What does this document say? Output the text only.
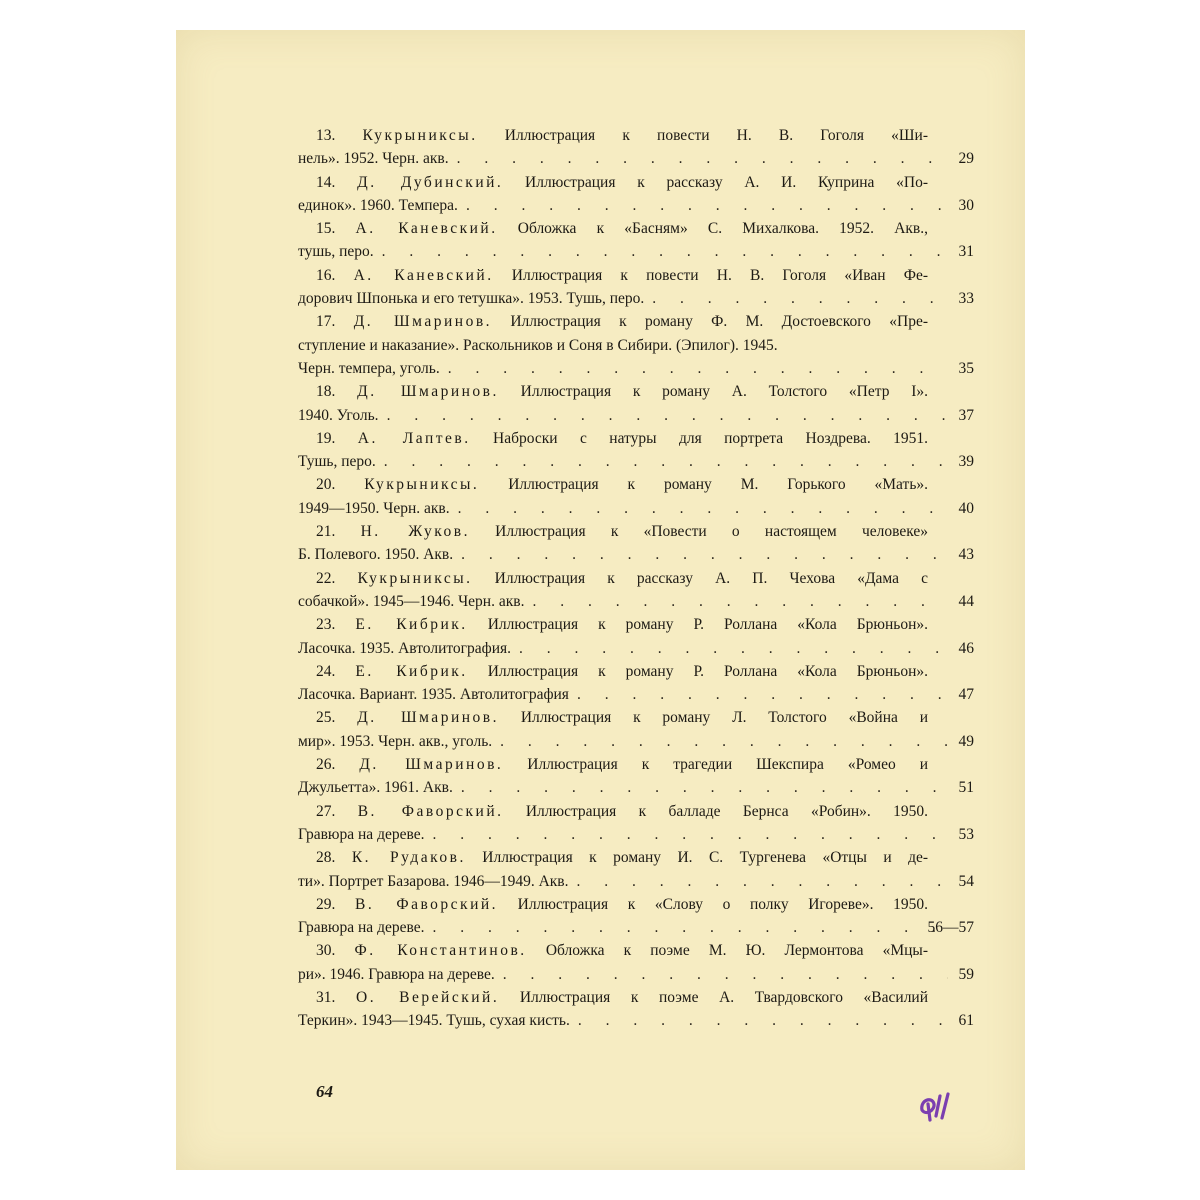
13. Кукрыниксы. Иллюстрация к повести Н. В. Гоголя «Ши-
нель». 1952. Черн. акв. . . .	29
14. Д. Дубинский. Иллюстрация к рассказу А. И. Куприна «По-
единок». 1960. Темпера. . . .	30
15. А. Каневский. Обложка к «Басням» С. Михалкова. 1952. Акв.,
тушь, перо. . . .	31
16. А. Каневский. Иллюстрация к повести Н. В. Гоголя «Иван Фе-
дорович Шпонька и его тетушка». 1953. Тушь, перо. . . .	33
17. Д. Шмаринов. Иллюстрация к роману Ф. М. Достоевского «Пре-
ступление и наказание». Раскольников и Соня в Сибири. (Эпилог). 1945.
Черн. темпера, уголь. . . .	35
18. Д. Шмаринов. Иллюстрация к роману А. Толстого «Петр I».
1940. Уголь. . . .	37
19. А. Лаптев. Наброски с натуры для портрета Ноздрева. 1951.
Тушь, перо. . . .	39
20. Кукрыниксы. Иллюстрация к роману М. Горького «Мать».
1949—1950. Черн. акв. . . .	40
21. Н. Жуков. Иллюстрация к «Повести о настоящем человеке»
Б. Полевого. 1950. Акв. . . .	43
22. Кукрыниксы. Иллюстрация к рассказу А. П. Чехова «Дама с
собачкой». 1945—1946. Черн. акв. . . .	44
23. Е. Кибрик. Иллюстрация к роману Р. Роллана «Кола Брюньон».
Ласочка. 1935. Автолитография. . . .	46
24. Е. Кибрик. Иллюстрация к роману Р. Роллана «Кола Брюньон».
Ласочка. Вариант. 1935. Автолитография . . .	47
25. Д. Шмаринов. Иллюстрация к роману Л. Толстого «Война и
мир». 1953. Черн. акв., уголь. . . .	49
26. Д. Шмаринов. Иллюстрация к трагедии Шекспира «Ромео и
Джульетта». 1961. Акв. . . .	51
27. В. Фаворский. Иллюстрация к балладе Бернса «Робин». 1950.
Гравюра на дереве. . . .	53
28. К. Рудаков. Иллюстрация к роману И. С. Тургенева «Отцы и де-
ти». Портрет Базарова. 1946—1949. Акв. . . .	54
29. В. Фаворский. Иллюстрация к «Слову о полку Игореве». 1950.
Гравюра на дереве. . . .	56—57
30. Ф. Константинов. Обложка к поэме М. Ю. Лермонтова «Мцы-
ри». 1946. Гравюра на дереве. . . .	59
31. О. Верейский. Иллюстрация к поэме А. Твардовского «Василий
Теркин». 1943—1945. Тушь, сухая кисть. . . .	61
64
